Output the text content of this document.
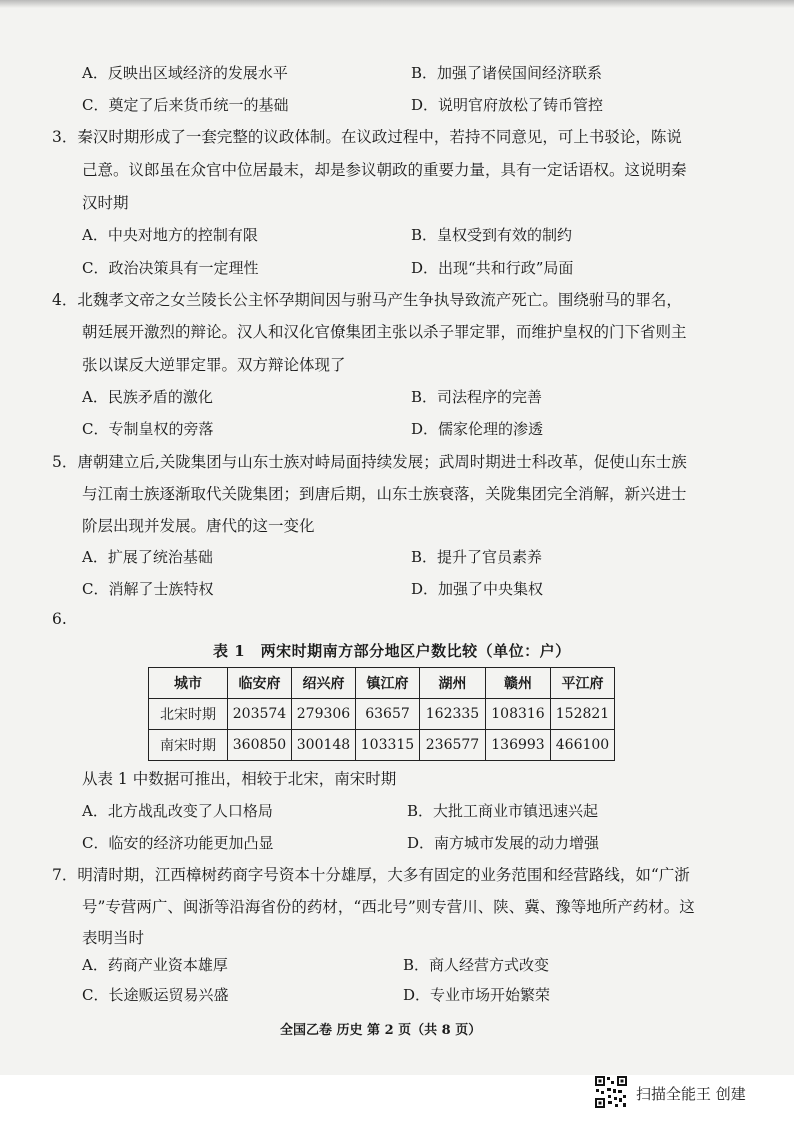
A．反映出区域经济的发展水平	B．加强了诸侯国间经济联系
C．奠定了后来货币统一的基础	D．说明官府放松了铸币管控
3．秦汉时期形成了一套完整的议政体制。在议政过程中，若持不同意见，可上书驳论，陈说
己意。议郎虽在众官中位居最末，却是参议朝政的重要力量，具有一定话语权。这说明秦
汉时期
A．中央对地方的控制有限	B．皇权受到有效的制约
C．政治决策具有一定理性	D．出现“共和行政”局面
4．北魏孝文帝之女兰陵长公主怀孕期间因与驸马产生争执导致流产死亡。围绕驸马的罪名，
朝廷展开激烈的辩论。汉人和汉化官僚集团主张以杀子罪定罪，而维护皇权的门下省则主
张以谋反大逆罪定罪。双方辩论体现了
A．民族矛盾的激化	B．司法程序的完善
C．专制皇权的旁落	D．儒家伦理的渗透
5．唐朝建立后,关陇集团与山东士族对峙局面持续发展；武周时期进士科改革，促使山东士族
与江南士族逐渐取代关陇集团；到唐后期，山东士族衰落，关陇集团完全消解，新兴进士
阶层出现并发展。唐代的这一变化
A．扩展了统治基础	B．提升了官员素养
C．消解了士族特权	D．加强了中央集权
6.
表 1　两宋时期南方部分地区户数比较（单位：户）
城市	临安府	绍兴府	镇江府	湖州	赣州	平江府
北宋时期	203574	279306	63657	162335	108316	152821
南宋时期	360850	300148	103315	236577	136993	466100
从表 1 中数据可推出，相较于北宋，南宋时期
A．北方战乱改变了人口格局	B．大批工商业市镇迅速兴起
C．临安的经济功能更加凸显	D．南方城市发展的动力增强
7．明清时期，江西樟树药商字号资本十分雄厚，大多有固定的业务范围和经营路线，如“广浙
号”专营两广、闽浙等沿海省份的药材，“西北号”则专营川、陕、冀、豫等地所产药材。这
表明当时
A．药商产业资本雄厚	B．商人经营方式改变
C．长途贩运贸易兴盛	D．专业市场开始繁荣
全国乙卷 历史 第 2 页（共 8 页）
扫描全能王 创建
